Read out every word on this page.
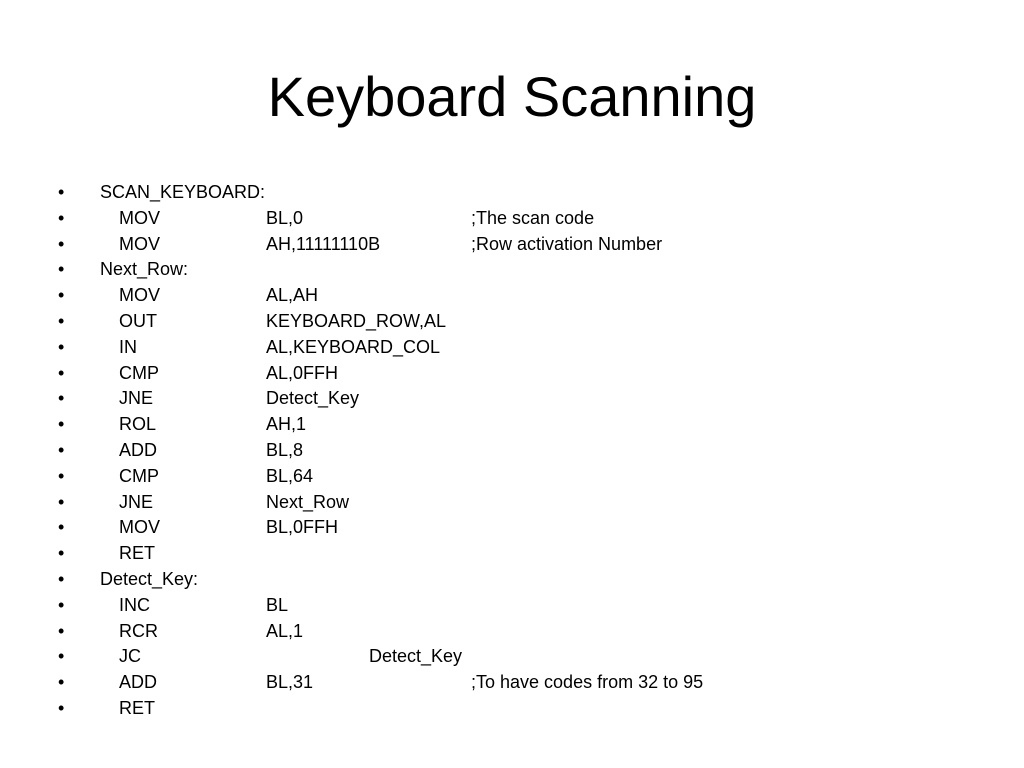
Keyboard Scanning
• SCAN_KEYBOARD:
•	MOV	BL,0	;The scan code
•	MOV	AH,11111110B	;Row activation Number
• Next_Row:
•	MOV	AL,AH
•	OUT	KEYBOARD_ROW,AL
•	IN	AL,KEYBOARD_COL
•	CMP	AL,0FFH
•	JNE	Detect_Key
•	ROL	AH,1
•	ADD	BL,8
•	CMP	BL,64
•	JNE	Next_Row
•	MOV	BL,0FFH
•	RET
• Detect_Key:
•	INC	BL
•	RCR	AL,1
•	JC	Detect_Key
•	ADD	BL,31	;To have codes from 32 to 95
•	RET
